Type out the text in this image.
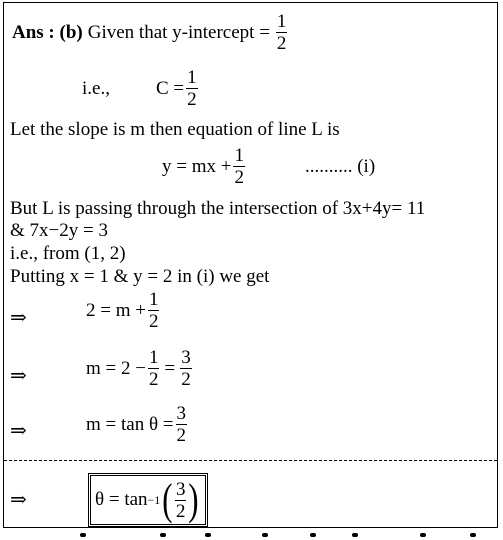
Ans : (b) Given that y-intercept = $\frac{1}{2}$
i.e., $C = \frac{1}{2}$
Let the slope is m then equation of line L is
y = mx + $\frac{1}{2}$	.......... (i)
But L is passing through the intersection of 3x+4y= 11
& 7x−2y = 3
i.e., from (1, 2)
Putting x = 1 & y = 2 in (i) we get
⇒	$2 = m + \frac{1}{2}$
⇒	$m = 2 - \frac{1}{2} = \frac{3}{2}$
⇒	$m = \tan \theta = \frac{3}{2}$
⇒	θ = tan −1 ( $\frac{3}{2}$ )
